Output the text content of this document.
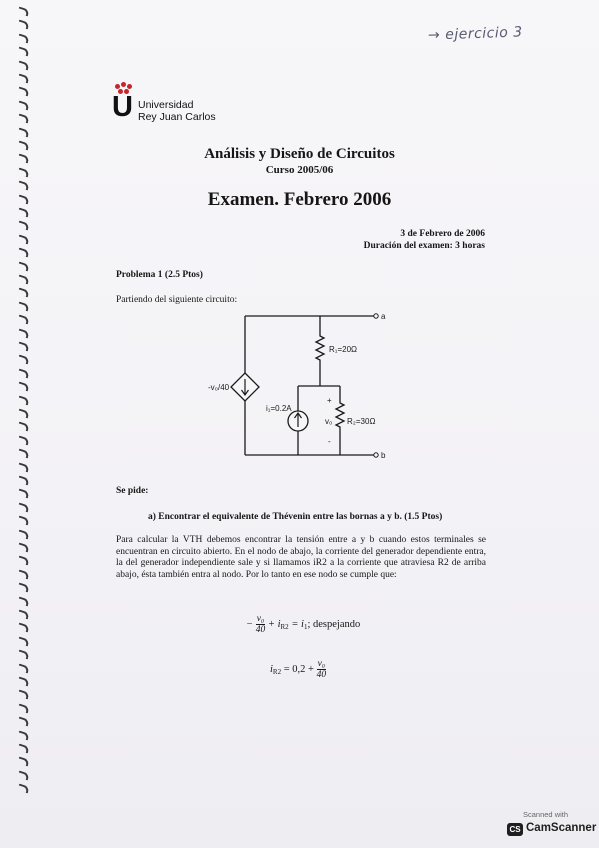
→ ejercicio 3
U Universidad
Rey Juan Carlos
Análisis y Diseño de Circuitos
Curso 2005/06
Examen. Febrero 2006
3 de Febrero de 2006
Duración del examen: 3 horas
Problema 1 (2.5 Ptos)
Partiendo del siguiente circuito:
a
b
R₁=20Ω
R₂=30Ω
i₁=0.2A
-v₀/40
v₀
+
-
Se pide:
a) Encontrar el equivalente de Thévenin entre las bornas a y b. (1.5 Ptos)
Para calcular la VTH debemos encontrar la tensión entre a y b cuando estos terminales se encuentran en circuito abierto. En el nodo de abajo, la corriente del generador dependiente entra, la del generador independiente sale y si llamamos iR2 a la corriente que atraviesa R2 de arriba abajo, ésta también entra al nodo. Por lo tanto en ese nodo se cumple que:
− $\frac{\text{v₀}}{40} + i_{R2} = i_1$; despejando
$i_{R2} = 0,2 + \frac{\text{v₀}}{40}$
Scanned with
CS CamScanner
